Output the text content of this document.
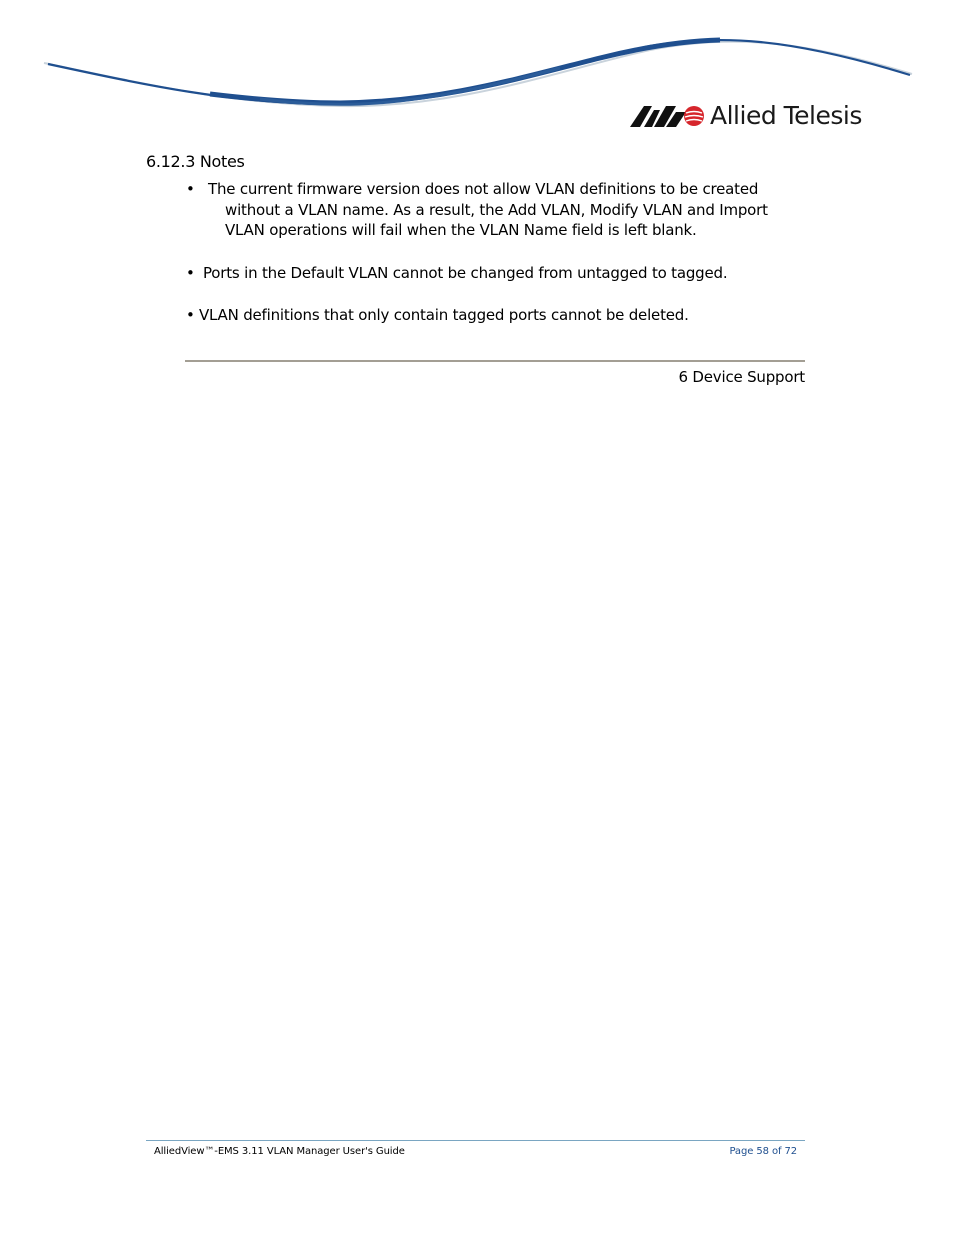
Allied Telesis
6.12.3 Notes
• The current firmware version does not allow VLAN definitions to be created
without a VLAN name. As a result, the Add VLAN, Modify VLAN and Import
VLAN operations will fail when the VLAN Name field is left blank.
• Ports in the Default VLAN cannot be changed from untagged to tagged.
• VLAN definitions that only contain tagged ports cannot be deleted.
6 Device Support
AlliedView™-EMS 3.11 VLAN Manager User's Guide	Page 58 of 72
